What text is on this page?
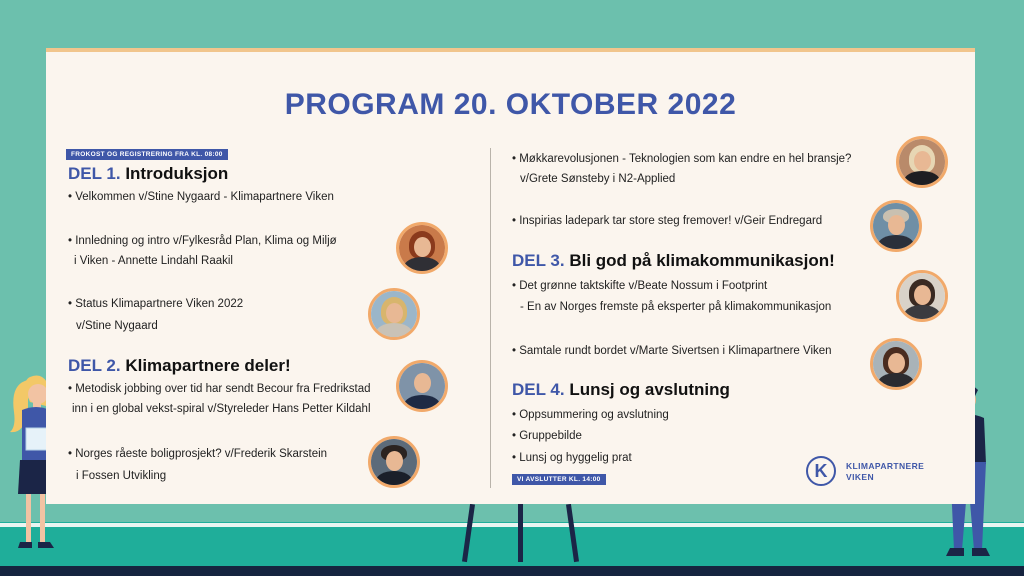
PROGRAM 20. OKTOBER 2022
FROKOST OG REGISTRERING FRA KL. 08:00
DEL 1. Introduksjon
• Velkommen v/Stine Nygaard - Klimapartnere Viken
• Innledning og intro v/Fylkesråd Plan, Klima og Miljø
i Viken - Annette Lindahl Raakil
• Status Klimapartnere Viken 2022
v/Stine Nygaard
DEL 2. Klimapartnere deler!
• Metodisk jobbing over tid har sendt Becour fra Fredrikstad
inn i en global vekst-spiral v/Styreleder Hans Petter Kildahl
• Norges råeste boligprosjekt? v/Frederik Skarstein
i Fossen Utvikling
• Møkkarevolusjonen - Teknologien som kan endre en hel bransje?
v/Grete Sønsteby i N2-Applied
• Inspirias ladepark tar store steg fremover! v/Geir Endregard
DEL 3. Bli god på klimakommunikasjon!
• Det grønne taktskifte v/Beate Nossum i Footprint
- En av Norges fremste på eksperter på klimakommunikasjon
• Samtale rundt bordet v/Marte Sivertsen i Klimapartnere Viken
DEL 4. Lunsj og avslutning
• Oppsummering og avslutning
• Gruppebilde
• Lunsj og hyggelig prat
VI AVSLUTTER KL. 14:00	K	KLIMAPARTNERE
VIKEN
